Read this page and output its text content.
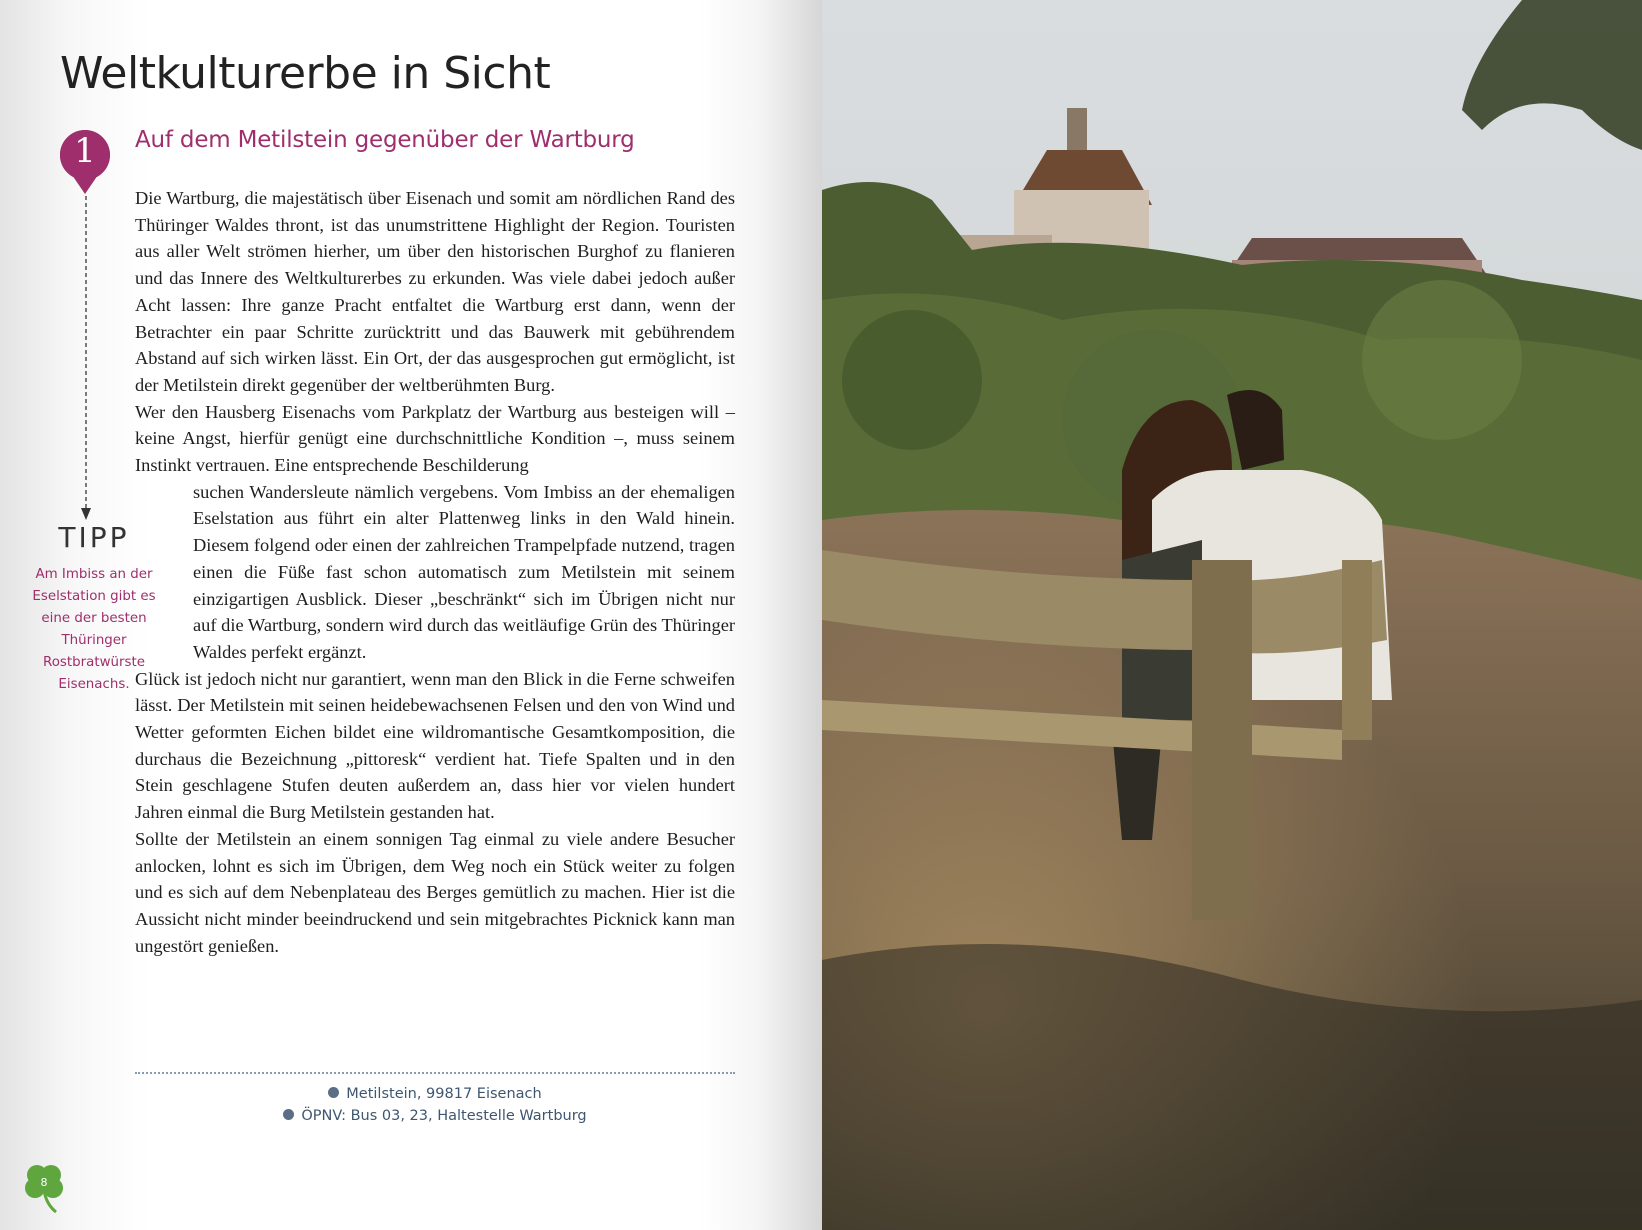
Weltkulturerbe in Sicht
1	Auf dem Metilstein gegenüber der Wartburg

Die Wartburg, die majestätisch über Eisenach und somit am nördlichen Rand des Thüringer Waldes thront, ist das unumstrittene Highlight der Region. Touristen aus aller Welt strömen hierher, um über den historischen Burghof zu flanieren und das Innere des Weltkulturerbes zu erkunden. Was viele dabei jedoch außer Acht lassen: Ihre ganze Pracht entfaltet die Wartburg erst dann, wenn der Betrachter ein paar Schritte zurücktritt und das Bauwerk mit gebührendem Abstand auf sich wirken lässt. Ein Ort, der das ausgesprochen gut ermöglicht, ist der Metilstein direkt gegenüber der weltberühmten Burg.

Wer den Hausberg Eisenachs vom Parkplatz der Wartburg aus besteigen will – keine Angst, hierfür genügt eine durchschnittliche Kondition –, muss seinem Instinkt vertrauen. Eine entsprechende Beschilderung

suchen Wandersleute nämlich vergebens. Vom Imbiss an der ehemaligen Eselstation aus führt ein alter Plattenweg links in den Wald hinein. Diesem folgend oder einen der zahlreichen Trampelpfade nutzend, tragen einen die Füße fast schon automatisch zum Metilstein mit seinem einzigartigen Ausblick. Dieser „beschränkt“ sich im Übrigen nicht nur auf die Wartburg, sondern wird durch das weitläufige Grün des Thüringer Waldes perfekt ergänzt.

Glück ist jedoch nicht nur garantiert, wenn man den Blick in die Ferne schweifen lässt. Der Metilstein mit seinen heidebewachsenen Felsen und den von Wind und Wetter geformten Eichen bildet eine wildromantische Gesamtkomposition, die durchaus die Bezeichnung „pittoresk“ verdient hat. Tiefe Spalten und in den Stein geschlagene Stufen deuten außerdem an, dass hier vor vielen hundert Jahren einmal die Burg Metilstein gestanden hat.

Sollte der Metilstein an einem sonnigen Tag einmal zu viele andere Besucher anlocken, lohnt es sich im Übrigen, dem Weg noch ein Stück weiter zu folgen und es sich auf dem Nebenplateau des Berges gemütlich zu machen. Hier ist die Aussicht nicht minder beeindruckend und sein mitgebrachtes Picknick kann man ungestört genießen.

TIPP
Am Imbiss an der Eselstation gibt es eine der besten Thüringer Rostbratwürste Eisenachs.
Metilstein, 99817 Eisenach
ÖPNV: Bus 03, 23, Haltestelle Wartburg
8
